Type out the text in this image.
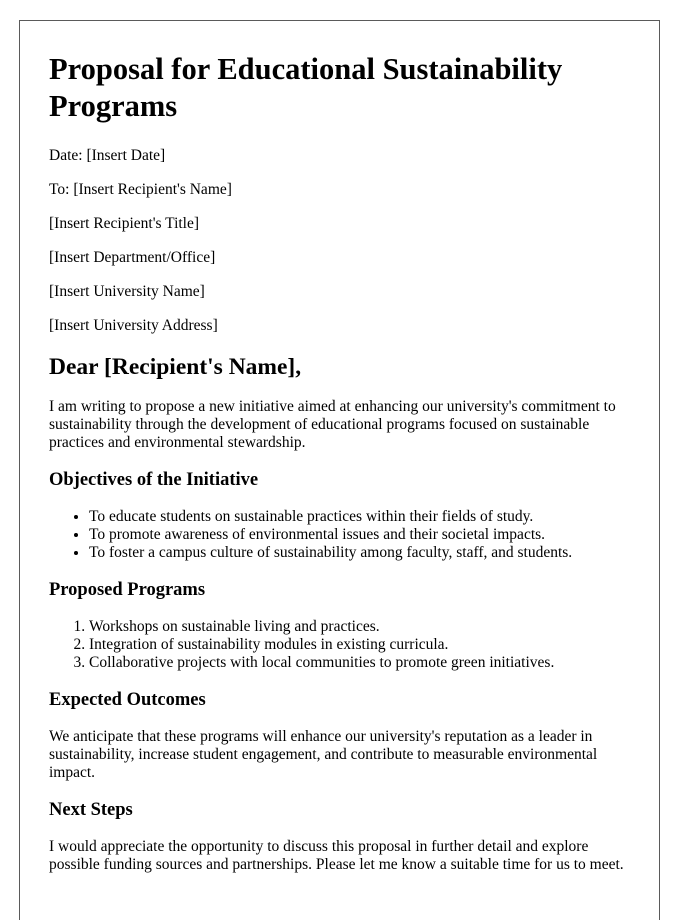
Proposal for Educational Sustainability Programs

Date: [Insert Date]

To: [Insert Recipient's Name]

[Insert Recipient's Title]

[Insert Department/Office]

[Insert University Name]

[Insert University Address]

Dear [Recipient's Name],

I am writing to propose a new initiative aimed at enhancing our university's commitment to sustainability through the development of educational programs focused on sustainable practices and environmental stewardship.

Objectives of the Initiative
• To educate students on sustainable practices within their fields of study.
• To promote awareness of environmental issues and their societal impacts.
• To foster a campus culture of sustainability among faculty, staff, and students.
Proposed Programs
1. Workshops on sustainable living and practices.
2. Integration of sustainability modules in existing curricula.
3. Collaborative projects with local communities to promote green initiatives.
Expected Outcomes

We anticipate that these programs will enhance our university's reputation as a leader in sustainability, increase student engagement, and contribute to measurable environmental impact.

Next Steps

I would appreciate the opportunity to discuss this proposal in further detail and explore possible funding sources and partnerships. Please let me know a suitable time for us to meet.
